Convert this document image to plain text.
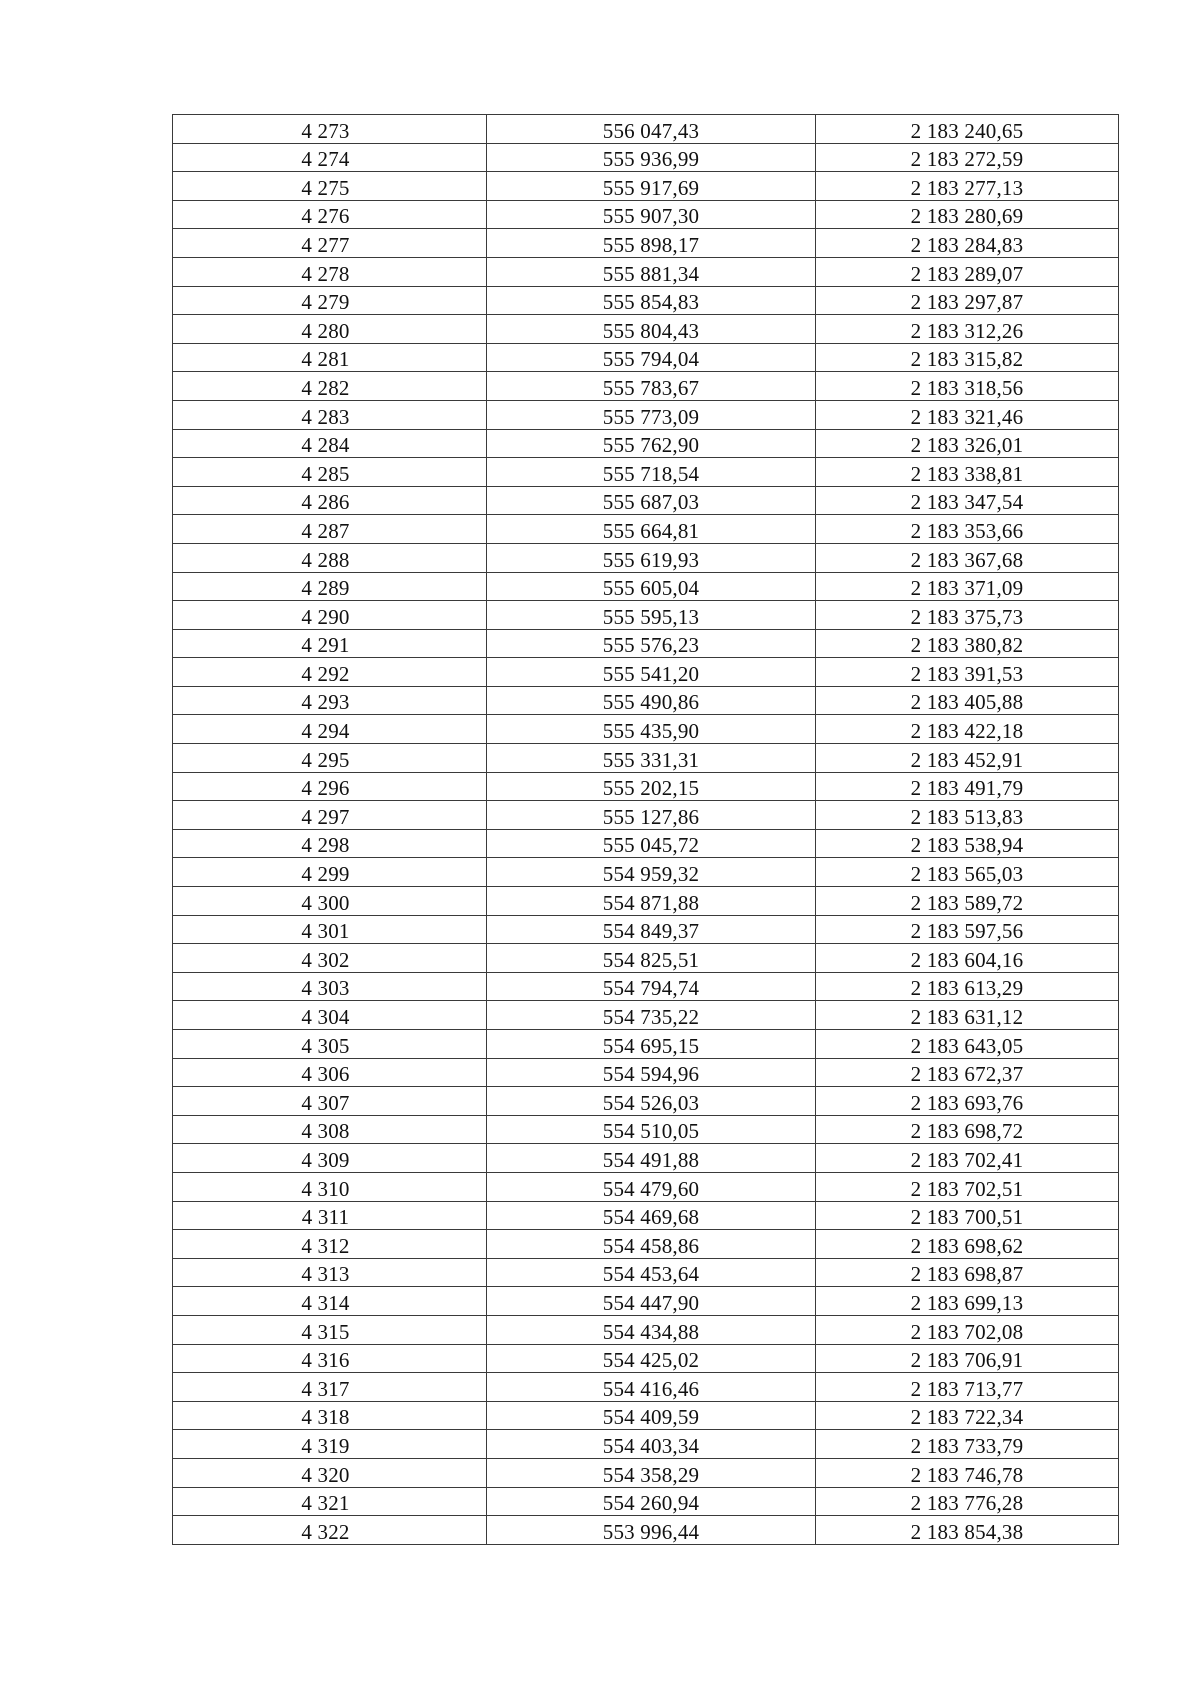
4 273	556 047,43	2 183 240,65
4 274	555 936,99	2 183 272,59
4 275	555 917,69	2 183 277,13
4 276	555 907,30	2 183 280,69
4 277	555 898,17	2 183 284,83
4 278	555 881,34	2 183 289,07
4 279	555 854,83	2 183 297,87
4 280	555 804,43	2 183 312,26
4 281	555 794,04	2 183 315,82
4 282	555 783,67	2 183 318,56
4 283	555 773,09	2 183 321,46
4 284	555 762,90	2 183 326,01
4 285	555 718,54	2 183 338,81
4 286	555 687,03	2 183 347,54
4 287	555 664,81	2 183 353,66
4 288	555 619,93	2 183 367,68
4 289	555 605,04	2 183 371,09
4 290	555 595,13	2 183 375,73
4 291	555 576,23	2 183 380,82
4 292	555 541,20	2 183 391,53
4 293	555 490,86	2 183 405,88
4 294	555 435,90	2 183 422,18
4 295	555 331,31	2 183 452,91
4 296	555 202,15	2 183 491,79
4 297	555 127,86	2 183 513,83
4 298	555 045,72	2 183 538,94
4 299	554 959,32	2 183 565,03
4 300	554 871,88	2 183 589,72
4 301	554 849,37	2 183 597,56
4 302	554 825,51	2 183 604,16
4 303	554 794,74	2 183 613,29
4 304	554 735,22	2 183 631,12
4 305	554 695,15	2 183 643,05
4 306	554 594,96	2 183 672,37
4 307	554 526,03	2 183 693,76
4 308	554 510,05	2 183 698,72
4 309	554 491,88	2 183 702,41
4 310	554 479,60	2 183 702,51
4 311	554 469,68	2 183 700,51
4 312	554 458,86	2 183 698,62
4 313	554 453,64	2 183 698,87
4 314	554 447,90	2 183 699,13
4 315	554 434,88	2 183 702,08
4 316	554 425,02	2 183 706,91
4 317	554 416,46	2 183 713,77
4 318	554 409,59	2 183 722,34
4 319	554 403,34	2 183 733,79
4 320	554 358,29	2 183 746,78
4 321	554 260,94	2 183 776,28
4 322	553 996,44	2 183 854,38
